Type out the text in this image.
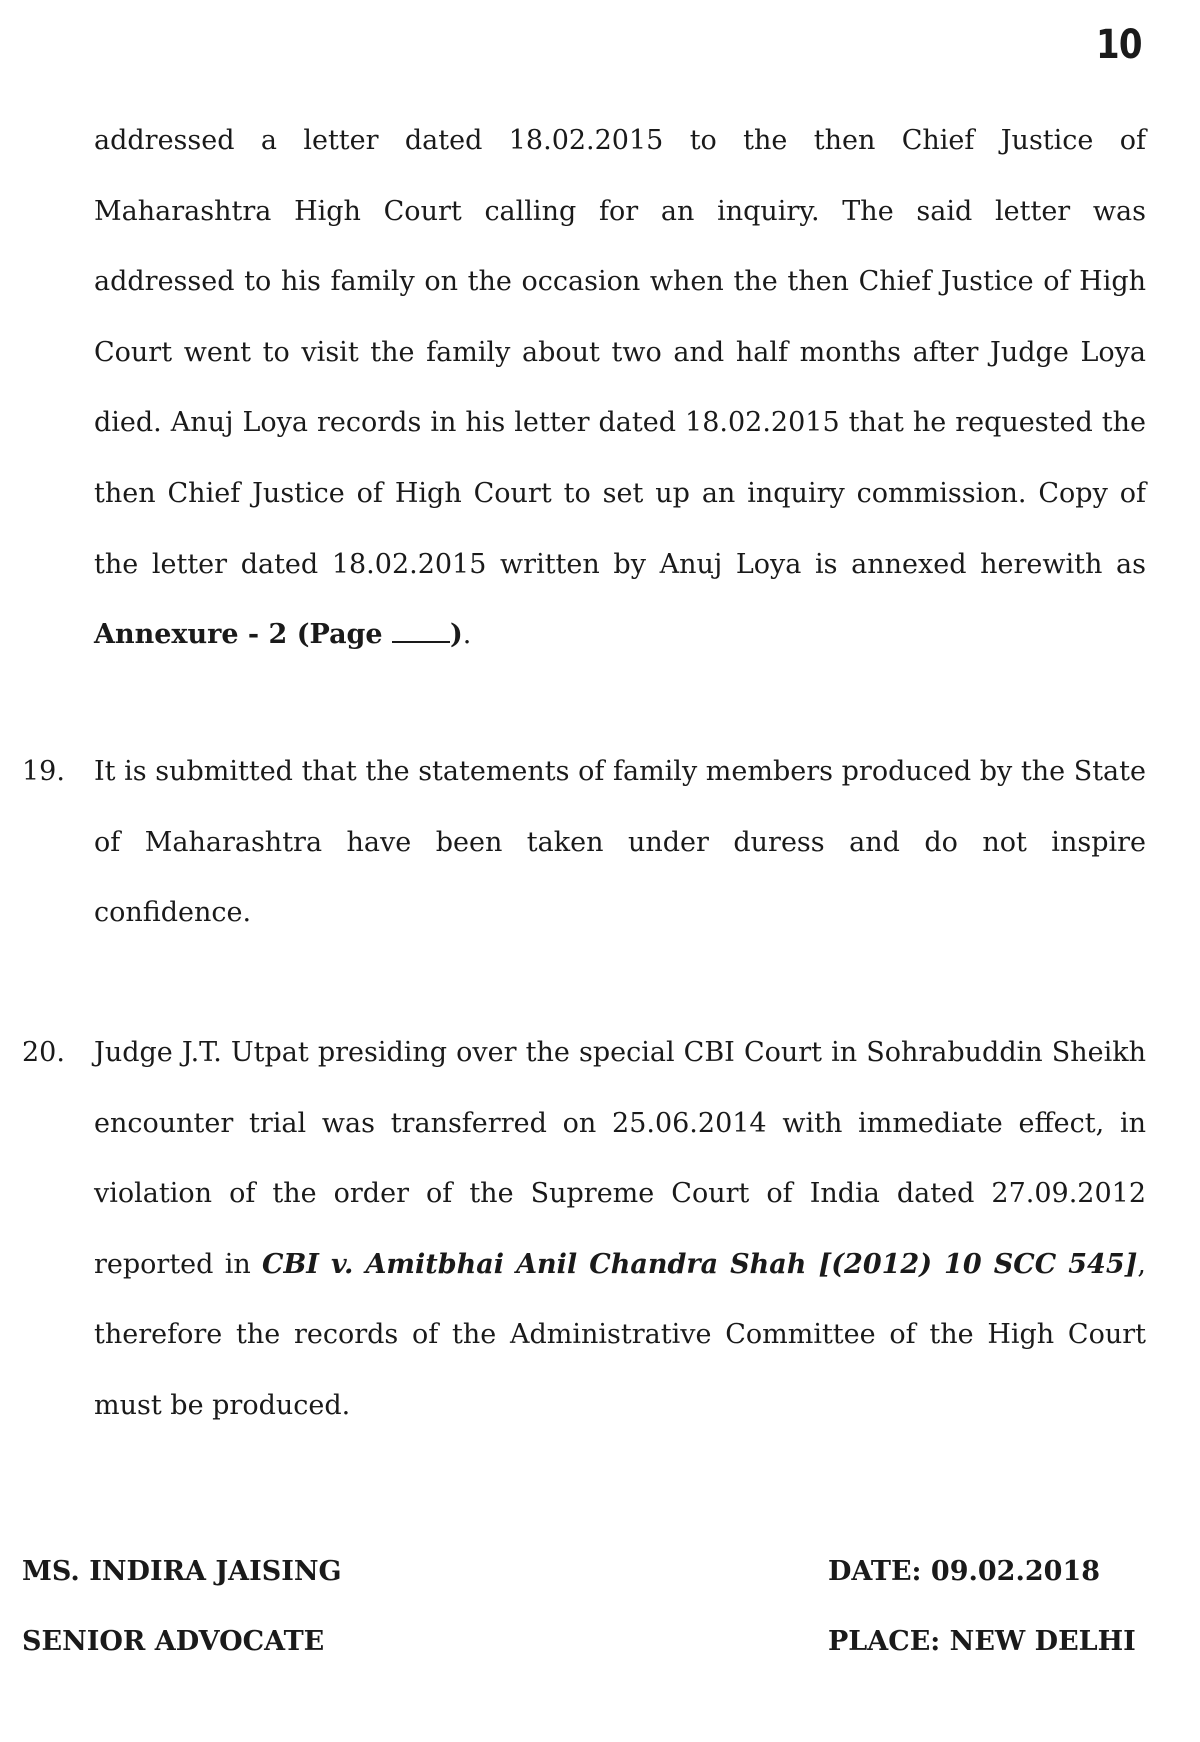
10

addressed a letter dated 18.02.2015 to the then Chief Justice of Maharashtra High Court calling for an inquiry. The said letter was addressed to his family on the occasion when the then Chief Justice of High Court went to visit the family about two and half months after Judge Loya died. Anuj Loya records in his letter dated 18.02.2015 that he requested the then Chief Justice of High Court to set up an inquiry commission. Copy of the letter dated 18.02.2015 written by Anuj Loya is annexed herewith as Annexure - 2 (Page ).

19. It is submitted that the statements of family members produced by the State of Maharashtra have been taken under duress and do not inspire confidence.

20. Judge J.T. Utpat presiding over the special CBI Court in Sohrabuddin Sheikh encounter trial was transferred on 25.06.2014 with immediate effect, in violation of the order of the Supreme Court of India dated 27.09.2012 reported in CBI v. Amitbhai Anil Chandra Shah [(2012) 10 SCC 545], therefore the records of the Administrative Committee of the High Court must be produced.

MS. INDIRA JAISING

SENIOR ADVOCATE

DATE: 09.02.2018

PLACE: NEW DELHI
